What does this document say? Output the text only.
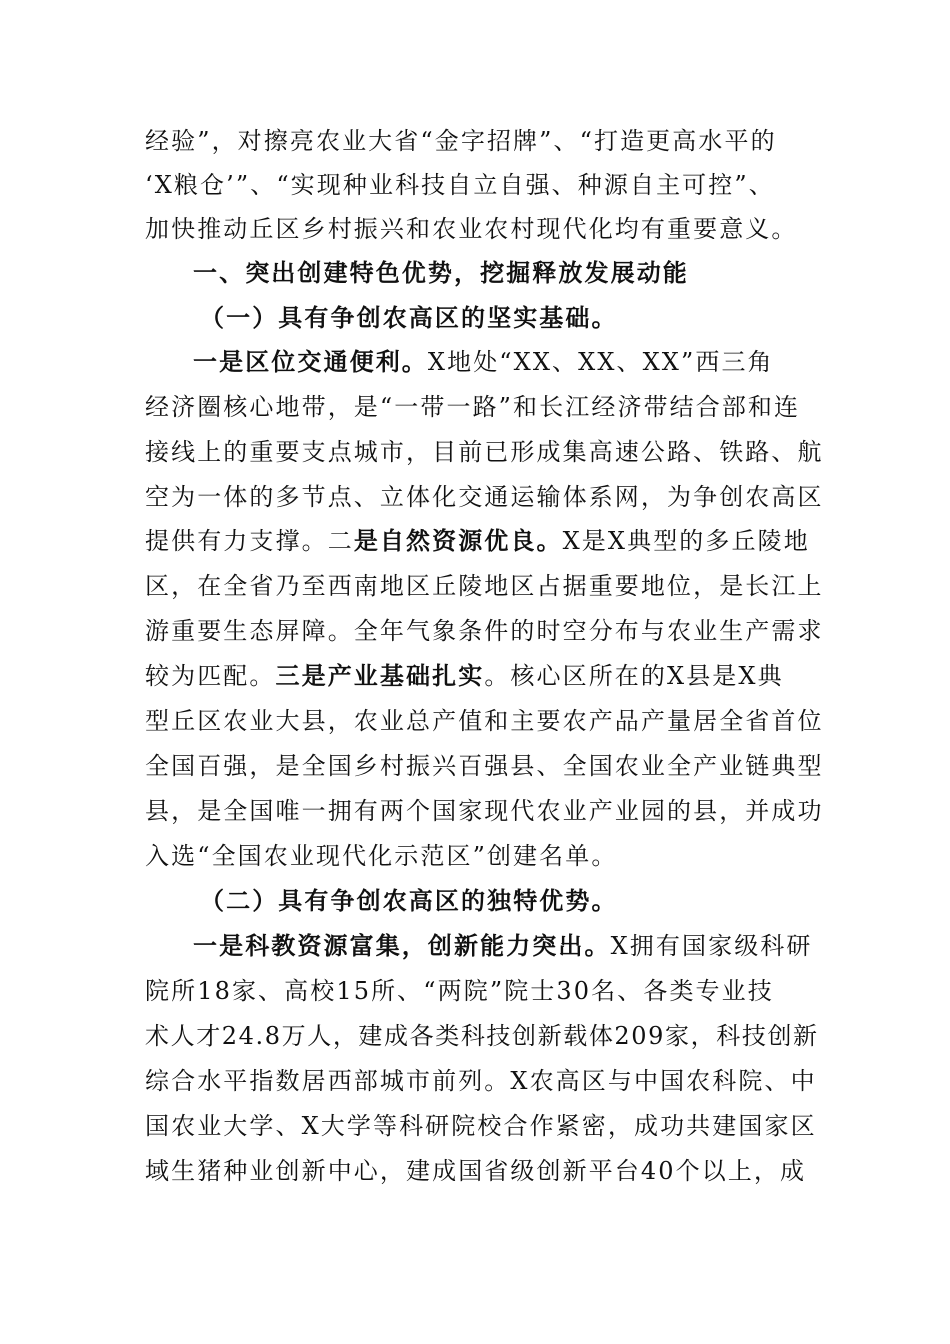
经验”，对擦亮农业大省“金字招牌”、“打造更高水平的
‘X粮仓’”、“实现种业科技自立自强、种源自主可控”、
加快推动丘区乡村振兴和农业农村现代化均有重要意义。
一、突出创建特色优势，挖掘释放发展动能
（一）具有争创农高区的坚实基础。
一是区位交通便利。X地处“XX、XX、XX”西三角
经济圈核心地带，是“一带一路”和长江经济带结合部和连
接线上的重要支点城市，目前已形成集高速公路、铁路、航
空为一体的多节点、立体化交通运输体系网，为争创农高区
提供有力支撑。二是自然资源优良。X是X典型的多丘陵地
区，在全省乃至西南地区丘陵地区占据重要地位，是长江上
游重要生态屏障。全年气象条件的时空分布与农业生产需求
较为匹配。三是产业基础扎实。核心区所在的X县是X典
型丘区农业大县，农业总产值和主要农产品产量居全省首位
全国百强，是全国乡村振兴百强县、全国农业全产业链典型
县，是全国唯一拥有两个国家现代农业产业园的县，并成功
入选“全国农业现代化示范区”创建名单。
（二）具有争创农高区的独特优势。
一是科教资源富集，创新能力突出。X拥有国家级科研
院所18家、高校15所、“两院”院士30名、各类专业技
术人才24.8万人，建成各类科技创新载体209家，科技创新
综合水平指数居西部城市前列。X农高区与中国农科院、中
国农业大学、X大学等科研院校合作紧密，成功共建国家区
域生猪种业创新中心，建成国省级创新平台40个以上，成
